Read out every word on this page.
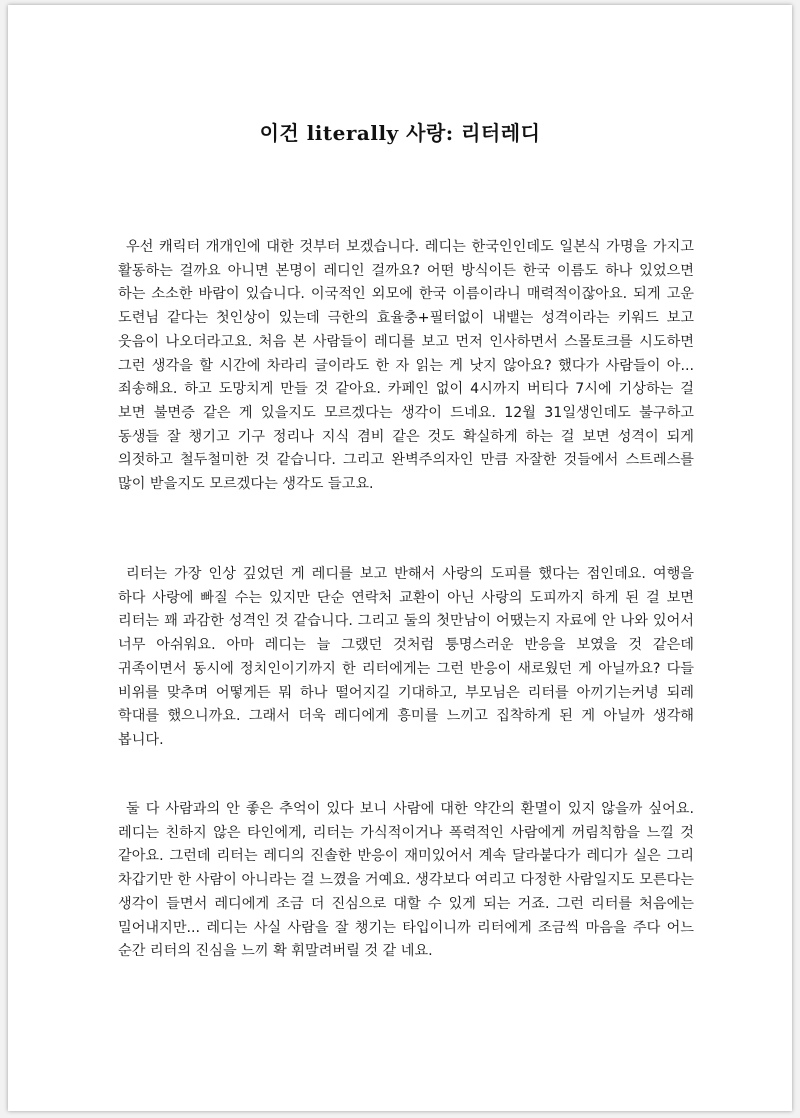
이건 literally 사랑: 리터레디

우선 캐릭터 개개인에 대한 것부터 보겠습니다. 레디는 한국인인데도 일본식 가명을 가지고 활동하는 걸까요 아니면 본명이 레디인 걸까요? 어떤 방식이든 한국 이름도 하나 있었으면 하는 소소한 바람이 있습니다. 이국적인 외모에 한국 이름이라니 매력적이잖아요. 되게 고운 도련님 같다는 첫인상이 있는데 극한의 효율충+필터없이 내뱉는 성격이라는 키워드 보고 웃음이 나오더라고요. 처음 본 사람들이 레디를 보고 먼저 인사하면서 스몰토크를 시도하면 그런 생각을 할 시간에 차라리 글이라도 한 자 읽는 게 낫지 않아요? 했다가 사람들이 아... 죄송해요. 하고 도망치게 만들 것 같아요. 카페인 없이 4시까지 버티다 7시에 기상하는 걸 보면 불면증 같은 게 있을지도 모르겠다는 생각이 드네요. 12월 31일생인데도 불구하고 동생들 잘 챙기고 기구 정리나 지식 겸비 같은 것도 확실하게 하는 걸 보면 성격이 되게 의젓하고 철두철미한 것 같습니다. 그리고 완벽주의자인 만큼 자잘한 것들에서 스트레스를 많이 받을지도 모르겠다는 생각도 들고요.

리터는 가장 인상 깊었던 게 레디를 보고 반해서 사랑의 도피를 했다는 점인데요. 여행을 하다 사랑에 빠질 수는 있지만 단순 연락처 교환이 아닌 사랑의 도피까지 하게 된 걸 보면 리터는 꽤 과감한 성격인 것 같습니다. 그리고 둘의 첫만남이 어땠는지 자료에 안 나와 있어서 너무 아쉬워요. 아마 레디는 늘 그랬던 것처럼 퉁명스러운 반응을 보였을 것 같은데 귀족이면서 동시에 정치인이기까지 한 리터에게는 그런 반응이 새로웠던 게 아닐까요? 다들 비위를 맞추며 어떻게든 뭐 하나 떨어지길 기대하고, 부모님은 리터를 아끼기는커녕 되레 학대를 했으니까요. 그래서 더욱 레디에게 흥미를 느끼고 집착하게 된 게 아닐까 생각해 봅니다.

둘 다 사람과의 안 좋은 추억이 있다 보니 사람에 대한 약간의 환멸이 있지 않을까 싶어요. 레디는 친하지 않은 타인에게, 리터는 가식적이거나 폭력적인 사람에게 꺼림칙함을 느낄 것 같아요. 그런데 리터는 레디의 진솔한 반응이 재미있어서 계속 달라붙다가 레디가 실은 그리 차갑기만 한 사람이 아니라는 걸 느꼈을 거예요. 생각보다 여리고 다정한 사람일지도 모른다는 생각이 들면서 레디에게 조금 더 진심으로 대할 수 있게 되는 거죠. 그런 리터를 처음에는 밀어내지만... 레디는 사실 사람을 잘 챙기는 타입이니까 리터에게 조금씩 마음을 주다 어느 순간 리터의 진심을 느끼 확 휘말려버릴 것 같 네요.
